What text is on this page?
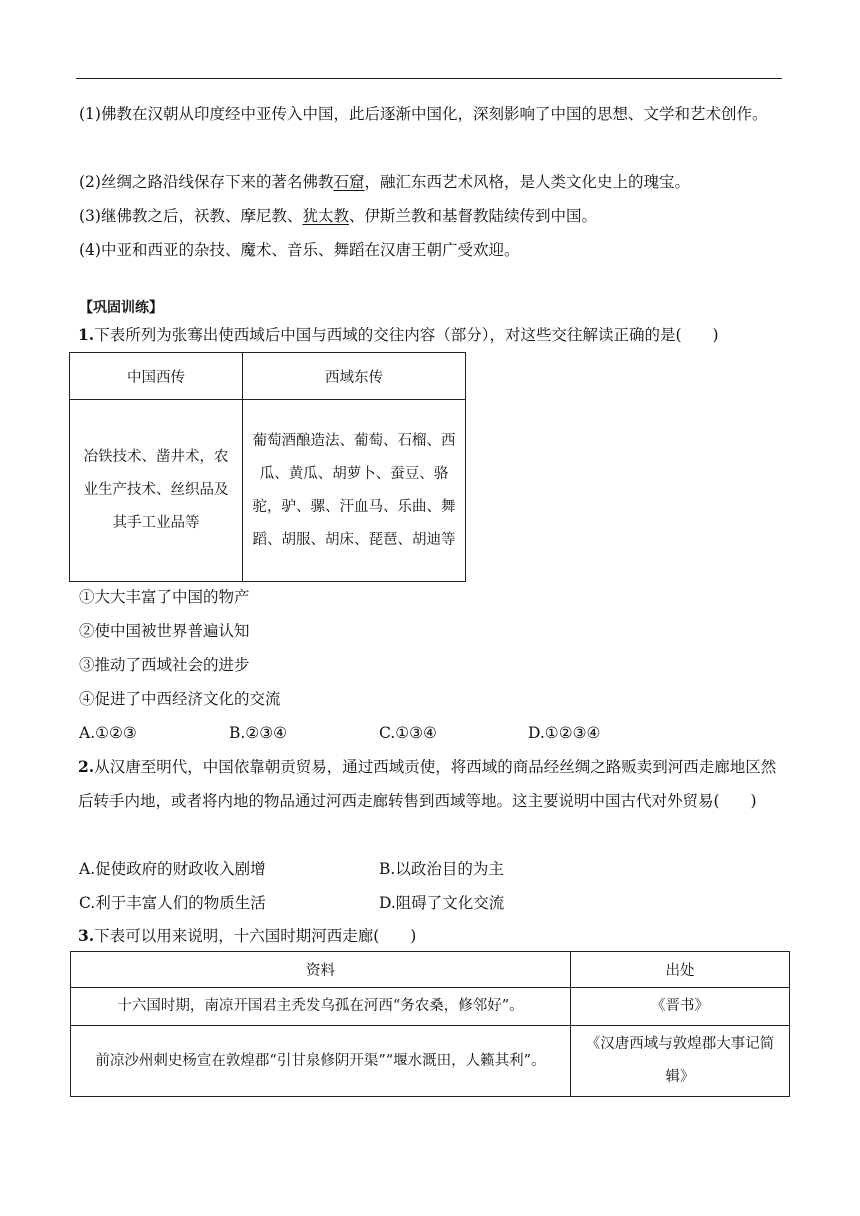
(1)佛教在汉朝从印度经中亚传入中国，此后逐渐中国化，深刻影响了中国的思想、文学和艺术创作。

(2)丝绸之路沿线保存下来的著名佛教石窟，融汇东西艺术风格，是人类文化史上的瑰宝。

(3)继佛教之后，祆教、摩尼教、犹太教、伊斯兰教和基督教陆续传到中国。

(4)中亚和西亚的杂技、魔术、音乐、舞蹈在汉唐王朝广受欢迎。

【巩固训练】

1.下表所列为张骞出使西域后中国与西域的交往内容（部分），对这些交往解读正确的是(　　)

中国西传	西域东传
冶铁技术、凿井术，农业生产技术、丝织品及其手工业品等	葡萄酒酿造法、葡萄、石榴、西瓜、黄瓜、胡萝卜、蚕豆、骆驼，驴、骡、汗血马、乐曲、舞蹈、胡服、胡床、琵琶、胡迪等

①大大丰富了中国的物产

②使中国被世界普遍认知

③推动了西域社会的进步

④促进了中西经济文化的交流

A.①②③	B.②③④	C.①③④	D.①②③④

2.从汉唐至明代，中国依靠朝贡贸易，通过西域贡使，将西域的商品经丝绸之路贩卖到河西走廊地区然后转手内地，或者将内地的物品通过河西走廊转售到西域等地。这主要说明中国古代对外贸易(　　)

A.促使政府的财政收入剧增	B.以政治目的为主
C.利于丰富人们的物质生活	D.阻碍了文化交流

3.下表可以用来说明，十六国时期河西走廊(　　)

资料	出处
十六国时期，南凉开国君主秃发乌孤在河西“务农桑，修邻好”。	《晋书》
前凉沙州刺史杨宣在敦煌郡“引甘泉修阴开渠”“堰水溉田，人籁其利”。	《汉唐西域与敦煌郡大事记简辑》
